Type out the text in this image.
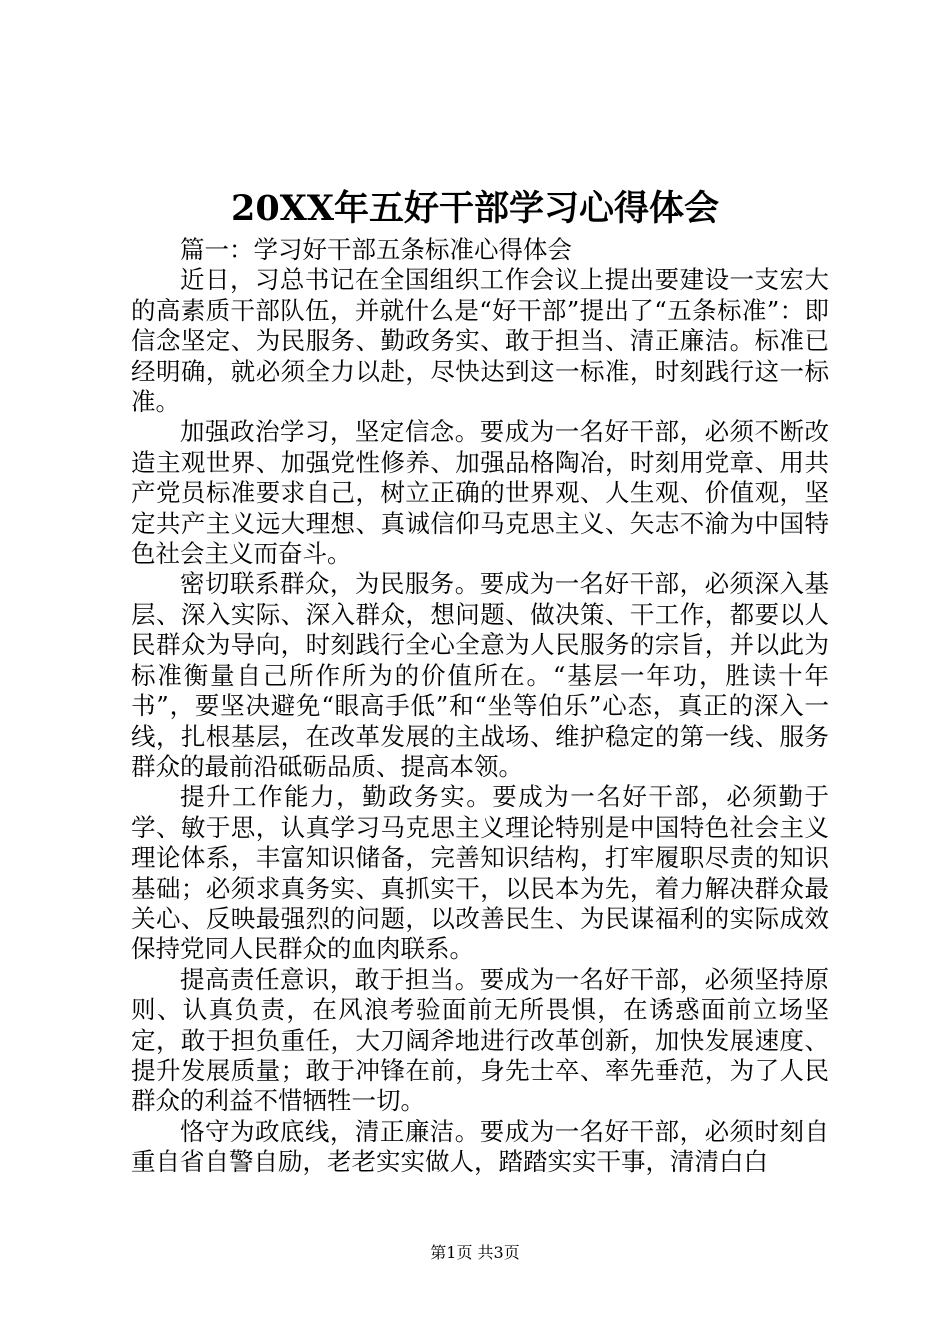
20XX年五好干部学习心得体会

篇一：学习好干部五条标准心得体会

近日，习总书记在全国组织工作会议上提出要建设一支宏大的高素质干部队伍，并就什么是“好干部”提出了“五条标准”：即信念坚定、为民服务、勤政务实、敢于担当、清正廉洁。标准已经明确，就必须全力以赴，尽快达到这一标准，时刻践行这一标准。

加强政治学习，坚定信念。要成为一名好干部，必须不断改造主观世界、加强党性修养、加强品格陶冶，时刻用党章、用共产党员标准要求自己，树立正确的世界观、人生观、价值观，坚定共产主义远大理想、真诚信仰马克思主义、矢志不渝为中国特色社会主义而奋斗。

密切联系群众，为民服务。要成为一名好干部，必须深入基层、深入实际、深入群众，想问题、做决策、干工作，都要以人民群众为导向，时刻践行全心全意为人民服务的宗旨，并以此为标准衡量自己所作所为的价值所在。“基层一年功，胜读十年书”，要坚决避免“眼高手低”和“坐等伯乐”心态，真正的深入一线，扎根基层，在改革发展的主战场、维护稳定的第一线、服务群众的最前沿砥砺品质、提高本领。

提升工作能力，勤政务实。要成为一名好干部，必须勤于学、敏于思，认真学习马克思主义理论特别是中国特色社会主义理论体系，丰富知识储备，完善知识结构，打牢履职尽责的知识基础；必须求真务实、真抓实干，以民本为先，着力解决群众最关心、反映最强烈的问题，以改善民生、为民谋福利的实际成效保持党同人民群众的血肉联系。

提高责任意识，敢于担当。要成为一名好干部，必须坚持原则、认真负责，在风浪考验面前无所畏惧，在诱惑面前立场坚定，敢于担负重任，大刀阔斧地进行改革创新，加快发展速度、提升发展质量；敢于冲锋在前，身先士卒、率先垂范，为了人民群众的利益不惜牺牲一切。

恪守为政底线，清正廉洁。要成为一名好干部，必须时刻自重自省自警自励，老老实实做人，踏踏实实干事，清清白白

第1页 共3页
